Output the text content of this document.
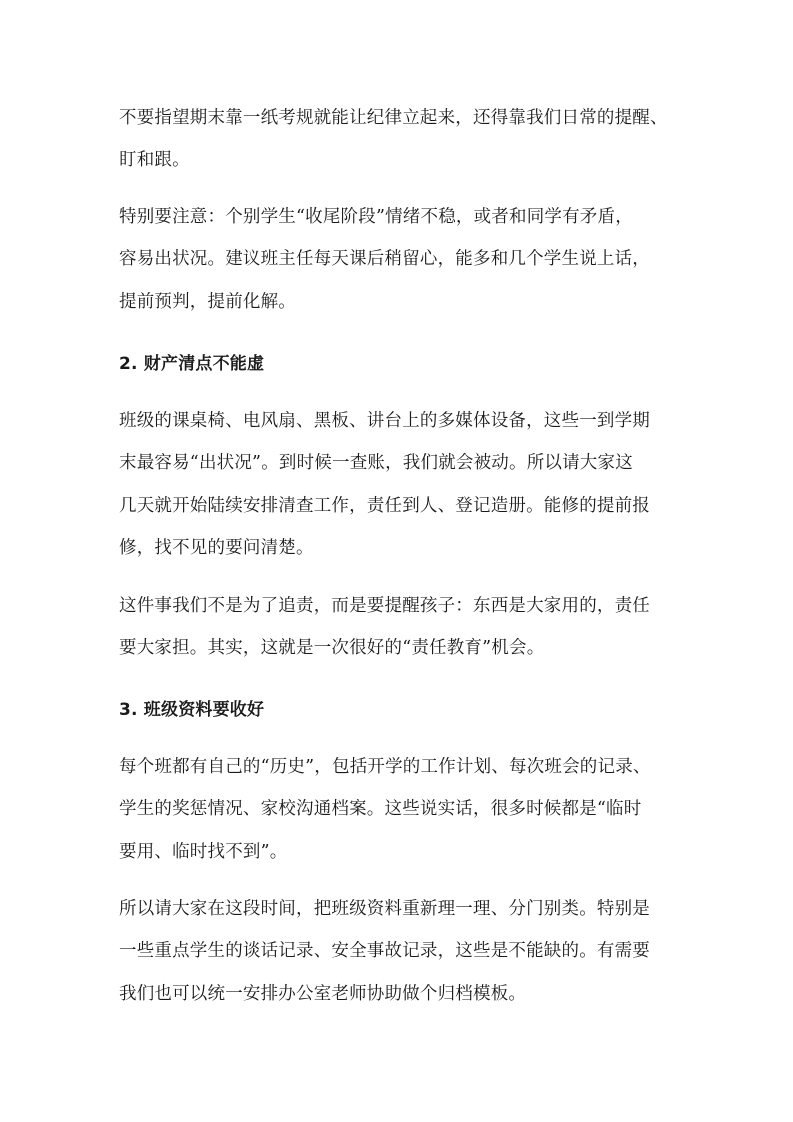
不要指望期末靠一纸考规就能让纪律立起来，还得靠我们日常的提醒、
盯和跟。
特别要注意：个别学生“收尾阶段”情绪不稳，或者和同学有矛盾，
容易出状况。建议班主任每天课后稍留心，能多和几个学生说上话，
提前预判，提前化解。
2. 财产清点不能虚
班级的课桌椅、电风扇、黑板、讲台上的多媒体设备，这些一到学期
末最容易“出状况”。到时候一查账，我们就会被动。所以请大家这
几天就开始陆续安排清查工作，责任到人、登记造册。能修的提前报
修，找不见的要问清楚。
这件事我们不是为了追责，而是要提醒孩子：东西是大家用的，责任
要大家担。其实，这就是一次很好的“责任教育”机会。
3. 班级资料要收好
每个班都有自己的“历史”，包括开学的工作计划、每次班会的记录、
学生的奖惩情况、家校沟通档案。这些说实话，很多时候都是“临时
要用、临时找不到”。
所以请大家在这段时间，把班级资料重新理一理、分门别类。特别是
一些重点学生的谈话记录、安全事故记录，这些是不能缺的。有需要
我们也可以统一安排办公室老师协助做个归档模板。
